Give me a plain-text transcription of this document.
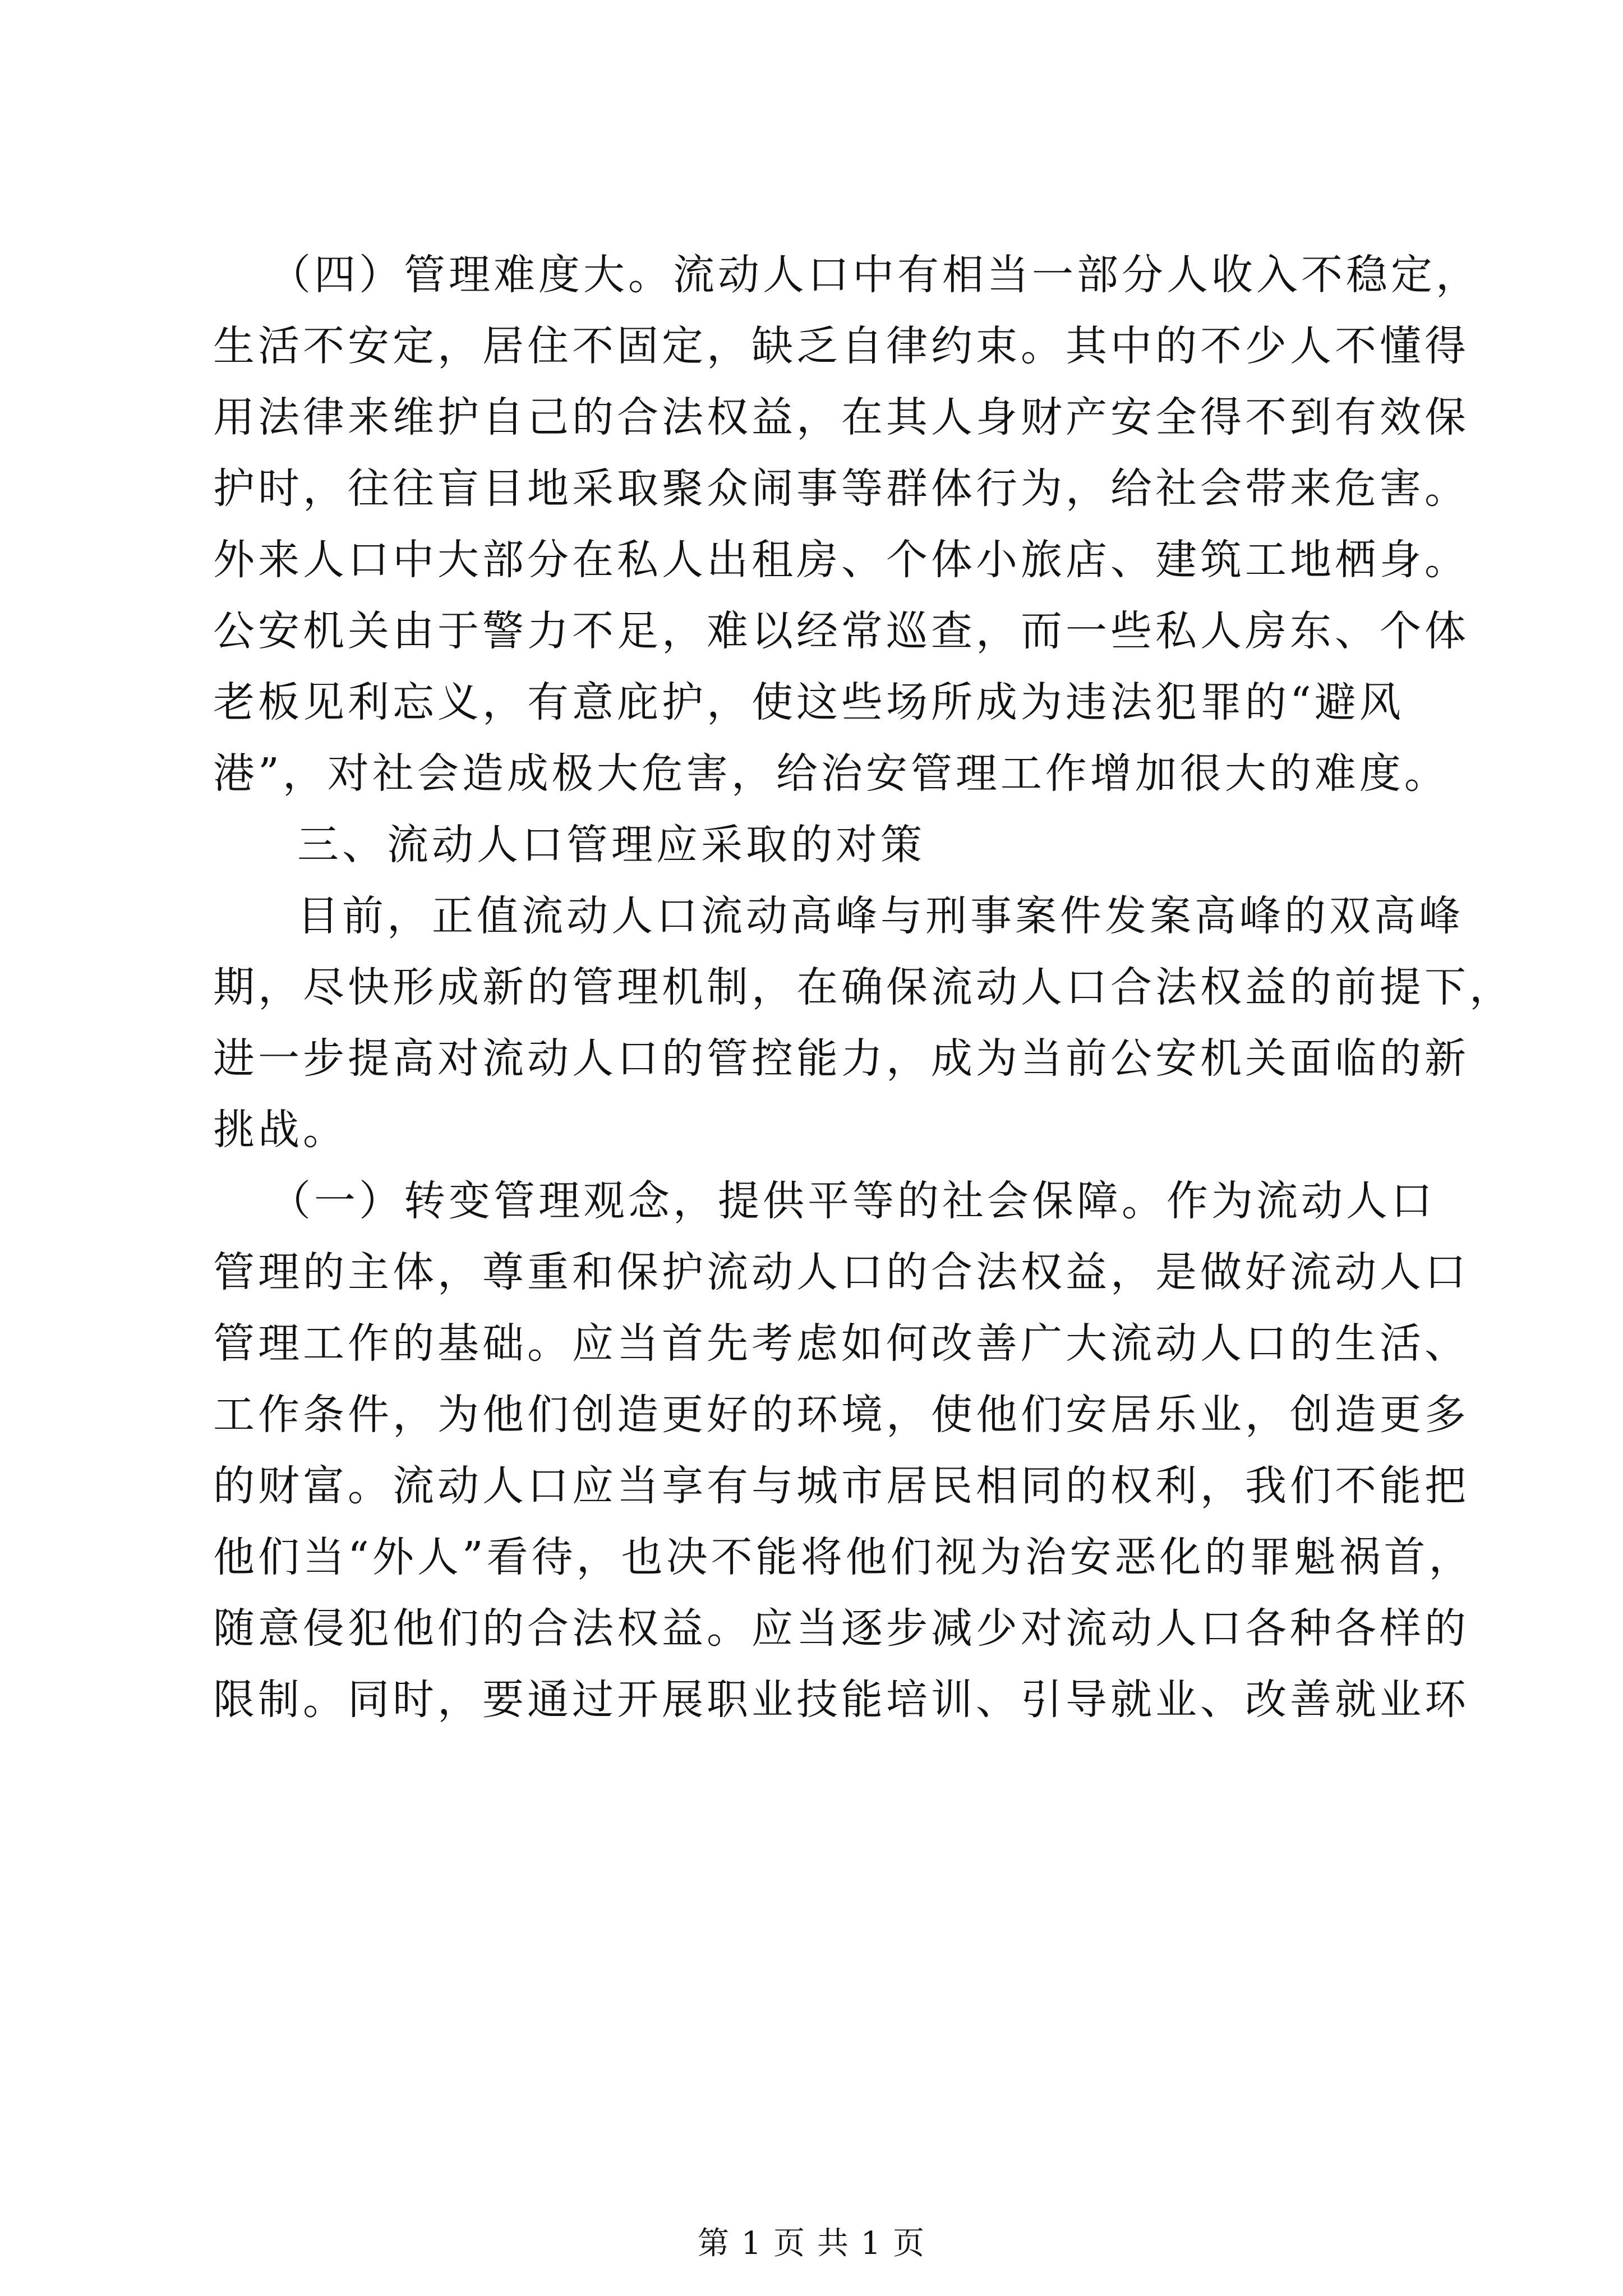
（四）管理难度大。流动人口中有相当一部分人收入不稳定，
生活不安定，居住不固定，缺乏自律约束。其中的不少人不懂得
用法律来维护自己的合法权益，在其人身财产安全得不到有效保
护时，往往盲目地采取聚众闹事等群体行为，给社会带来危害。
外来人口中大部分在私人出租房、个体小旅店、建筑工地栖身。
公安机关由于警力不足，难以经常巡查，而一些私人房东、个体
老板见利忘义，有意庇护，使这些场所成为违法犯罪的“避风
港”，对社会造成极大危害，给治安管理工作增加很大的难度。
三、流动人口管理应采取的对策
目前，正值流动人口流动高峰与刑事案件发案高峰的双高峰
期，尽快形成新的管理机制，在确保流动人口合法权益的前提下，
进一步提高对流动人口的管控能力，成为当前公安机关面临的新
挑战。
（一）转变管理观念，提供平等的社会保障。作为流动人口
管理的主体，尊重和保护流动人口的合法权益，是做好流动人口
管理工作的基础。应当首先考虑如何改善广大流动人口的生活、
工作条件，为他们创造更好的环境，使他们安居乐业，创造更多
的财富。流动人口应当享有与城市居民相同的权利，我们不能把
他们当“外人”看待，也决不能将他们视为治安恶化的罪魁祸首，
随意侵犯他们的合法权益。应当逐步减少对流动人口各种各样的
限制。同时，要通过开展职业技能培训、引导就业、改善就业环
第 1 页 共 1 页
